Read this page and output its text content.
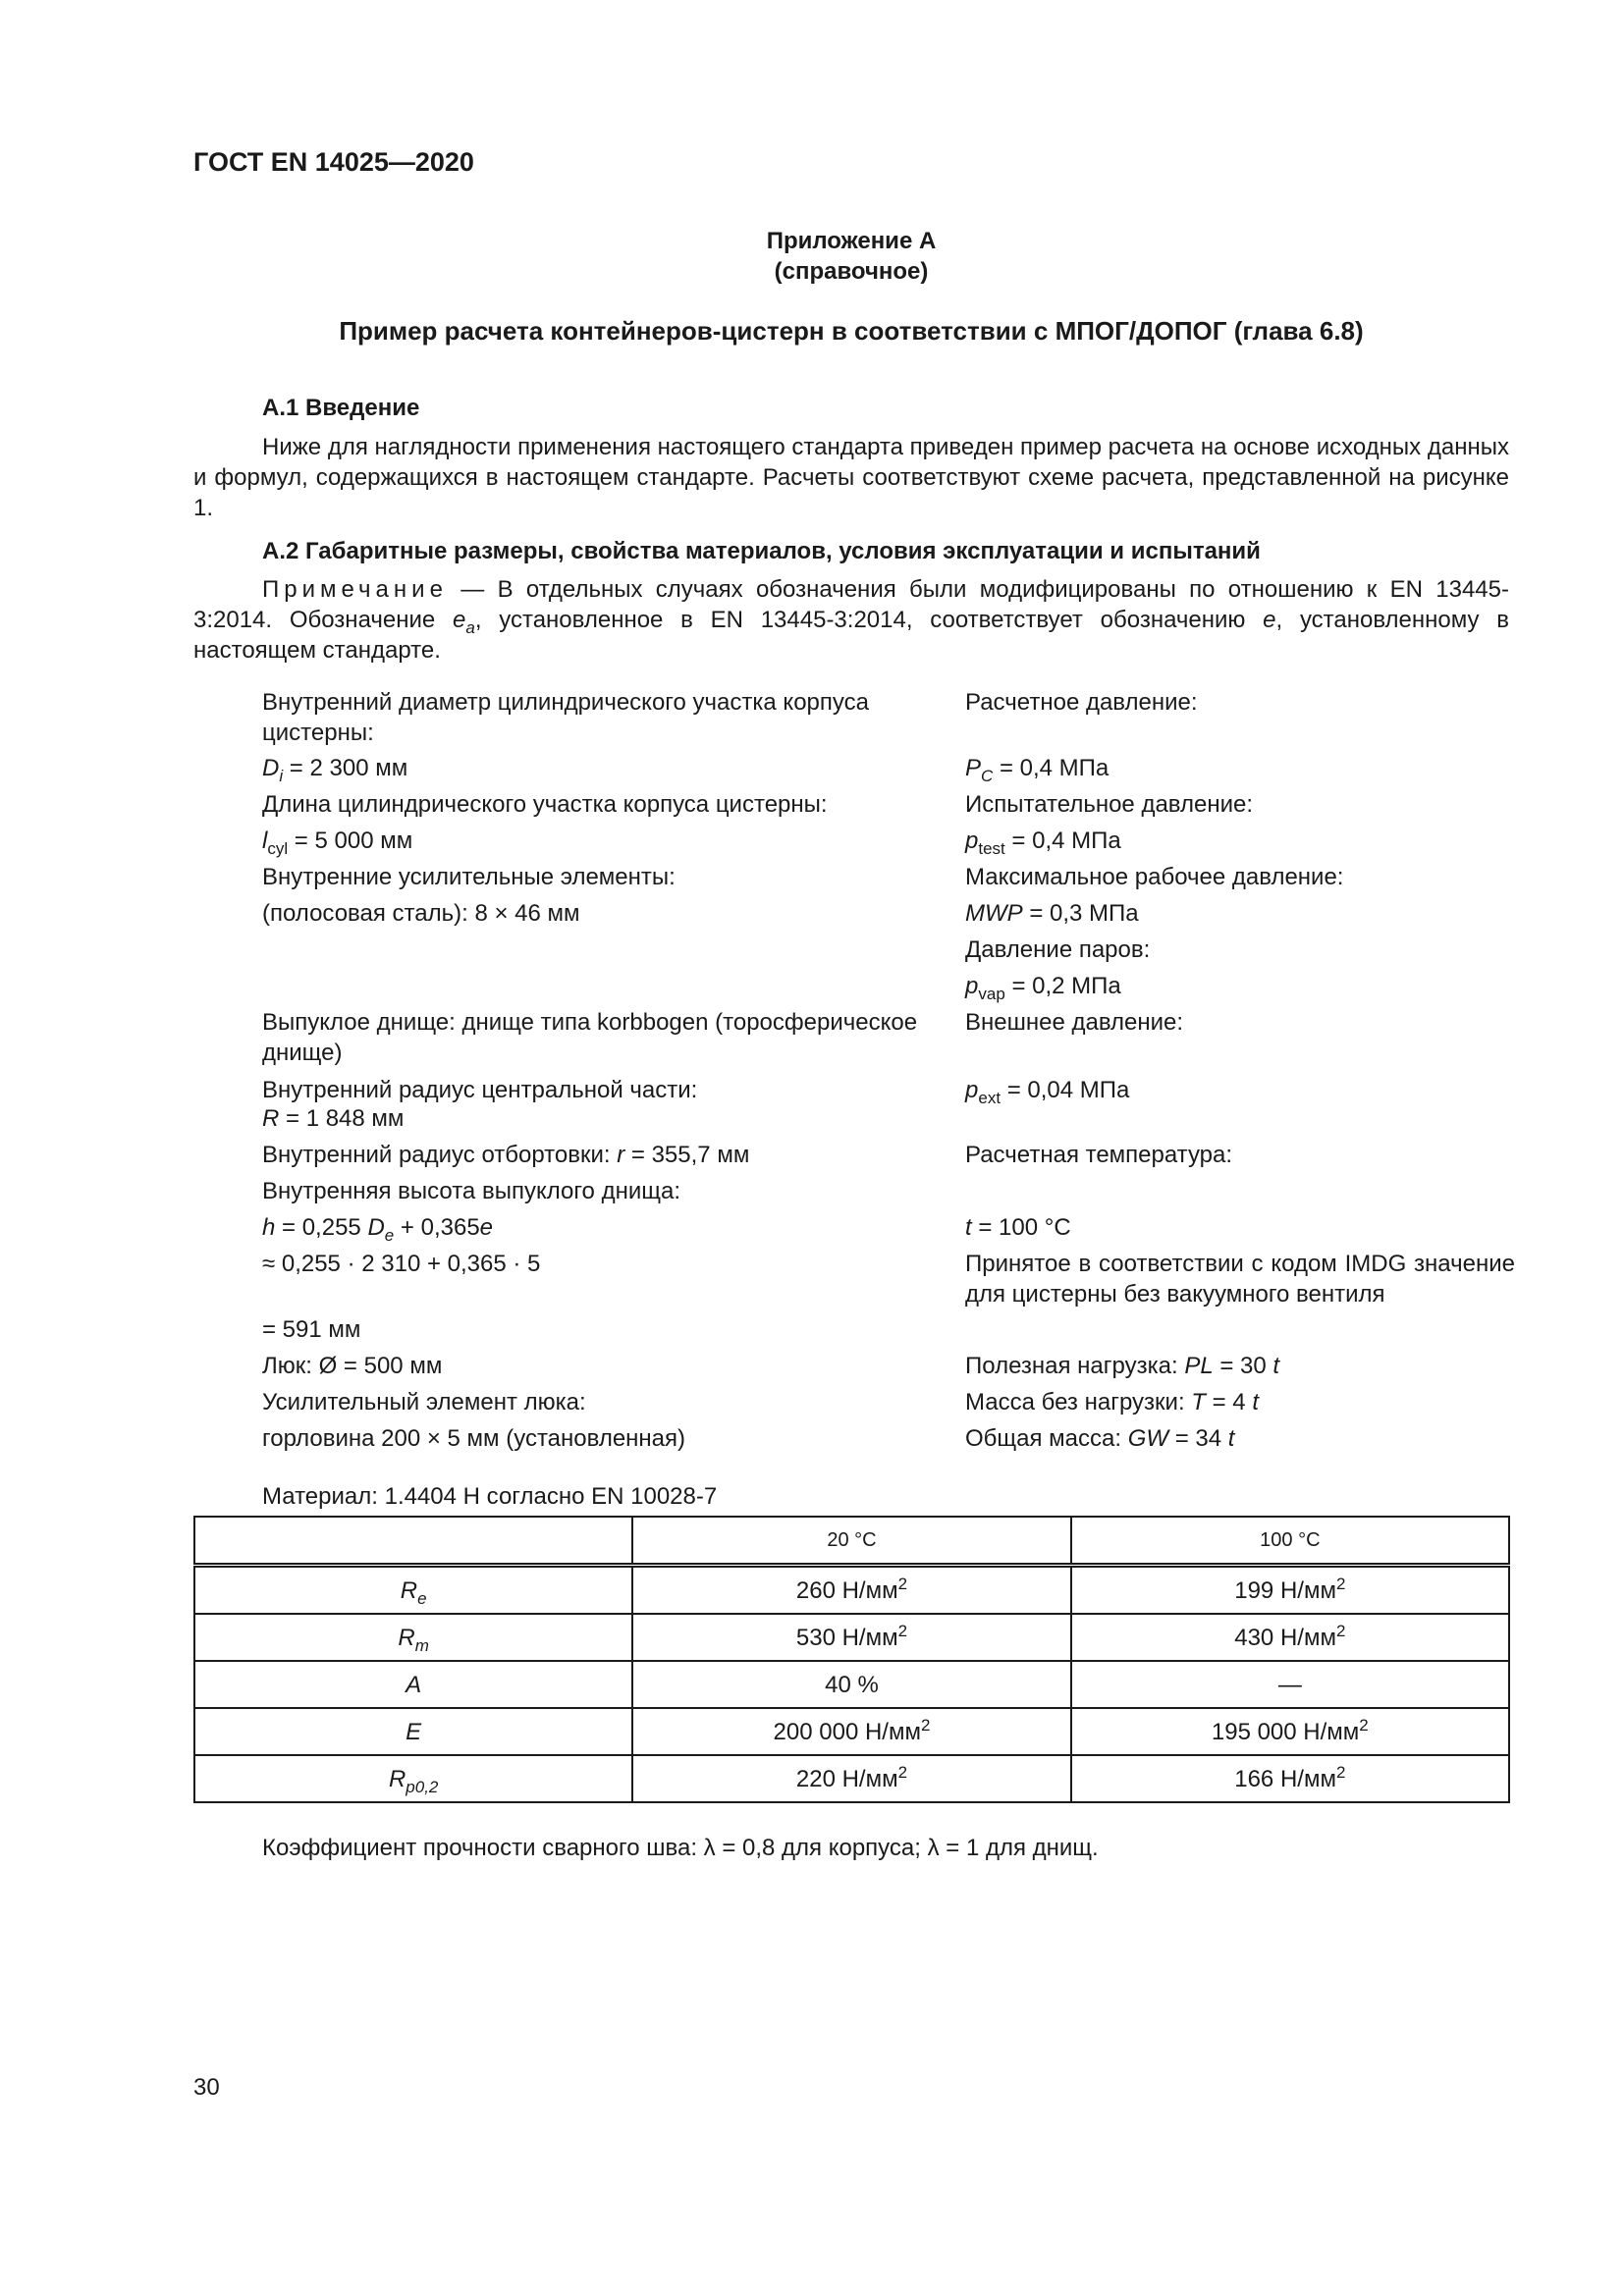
ГОСТ EN 14025—2020
Приложение А
(справочное)
Пример расчета контейнеров-цистерн в соответствии с МПОГ/ДОПОГ (глава 6.8)
А.1 Введение
Ниже для наглядности применения настоящего стандарта приведен пример расчета на основе исходных данных и формул, содержащихся в настоящем стандарте. Расчеты соответствуют схеме расчета, представленной на рисунке 1.
А.2 Габаритные размеры, свойства материалов, условия эксплуатации и испытаний
Примечание — В отдельных случаях обозначения были модифицированы по отношению к EN 13445-3:2014. Обозначение $e_a$, установленное в EN 13445-3:2014, соответствует обозначению e, установленному в настоящем стандарте.
Внутренний диаметр цилиндрического участка корпуса цистерны:
$D_i = 2$ 300 мм
Длина цилиндрического участка корпуса цистерны:
$l_{cyl} = 5$ 000 мм
Внутренние усилительные элементы:
(полосовая сталь): 8 × 46 мм
Выпуклое днище: днище типа korbbogen (торосферическое днище)
Внутренний радиус центральной части:
R = 1 848 мм
Внутренний радиус отбортовки: r = 355,7 мм
Внутренняя высота выпуклого днища:
h = 0,255 $D_e + 0,365e$
≈ 0,255 · 2 310 + 0,365 · 5
= 591 мм
Люк: Ø = 500 мм
Усилительный элемент люка:
горловина 200 × 5 мм (установленная)
Расчетное давление:
$P_C = 0,4$ МПа
Испытательное давление:
$p_{test} = 0,4$ МПа
Максимальное рабочее давление:
MWP = 0,3 МПа
Давление паров:
$p_{vap} = 0,2$ МПа
Внешнее давление:
$p_{ext} = 0,04$ МПа
Расчетная температура:
t = 100 °C
Принятое в соответствии с кодом IMDG значение для цистерны без вакуумного вентиля
Полезная нагрузка: PL = 30 t
Масса без нагрузки: T = 4 t
Общая масса: GW = 34 t
Материал: 1.4404 H согласно EN 10028-7
	20 °C	100 °C
$R_e$	260 $Н/мм^2$	199 $Н/мм^2$
$R_m$	530 $Н/мм^2$	430 $Н/мм^2$
A	40 %	—
E	200 000 $Н/мм^2$	195 000 $Н/мм^2$
$R_{p0,2}$	220 $Н/мм^2$	166 $Н/мм^2$
Коэффициент прочности сварного шва: λ = 0,8 для корпуса; λ = 1 для днищ.
30
